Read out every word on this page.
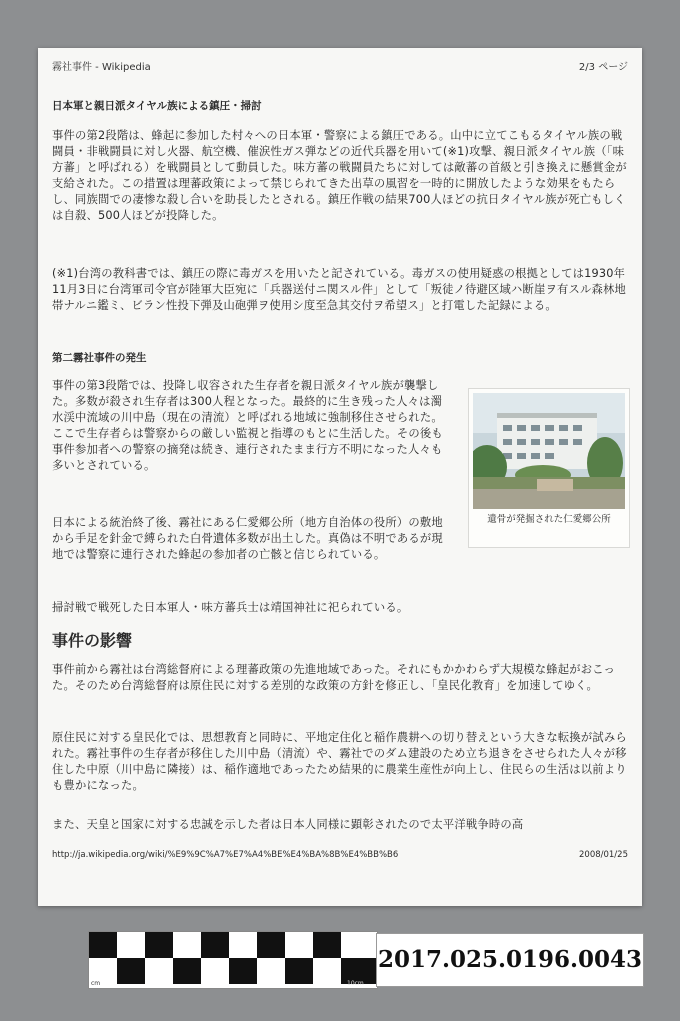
霧社事件 - Wikipedia	2/3 ページ
日本軍と親日派タイヤル族による鎮圧・掃討
事件の第2段階は、蜂起に参加した村々への日本軍・警察による鎮圧である。山中に立てこもるタイヤル族の戦闘員・非戦闘員に対し火器、航空機、催涙性ガス弾などの近代兵器を用いて(※1)攻撃、親日派タイヤル族（「味方蕃」と呼ばれる）を戦闘員として動員した。味方蕃の戦闘員たちに対しては敵蕃の首級と引き換えに懸賞金が支給された。この措置は理蕃政策によって禁じられてきた出草の風習を一時的に開放したような効果をもたらし、同族間での凄惨な殺し合いを助長したとされる。鎮圧作戦の結果700人ほどの抗日タイヤル族が死亡もしくは自殺、500人ほどが投降した。
(※1)台湾の教科書では、鎮圧の際に毒ガスを用いたと記されている。毒ガスの使用疑惑の根拠としては1930年11月3日に台湾軍司令官が陸軍大臣宛に「兵器送付ニ関スル件」として「叛徒ノ待避区域ハ断崖ヲ有スル森林地帯ナルニ鑑ミ、ビラン性投下弾及山砲弾ヲ使用シ度至急其交付ヲ希望ス」と打電した記録による。
第二霧社事件の発生
事件の第3段階では、投降し収容された生存者を親日派タイヤル族が襲撃した。多数が殺され生存者は300人程となった。最終的に生き残った人々は濁水渓中流域の川中島（現在の清流）と呼ばれる地域に強制移住させられた。ここで生存者らは警察からの厳しい監視と指導のもとに生活した。その後も事件参加者への警察の摘発は続き、連行されたまま行方不明になった人々も多いとされている。
日本による統治終了後、霧社にある仁愛郷公所（地方自治体の役所）の敷地から手足を針金で縛られた白骨遺体多数が出土した。真偽は不明であるが現地では警察に連行された蜂起の参加者の亡骸と信じられている。
掃討戦で戦死した日本軍人・味方蕃兵士は靖国神社に祀られている。
遺骨が発掘された仁愛郷公所
事件の影響
事件前から霧社は台湾総督府による理蕃政策の先進地域であった。それにもかかわらず大規模な蜂起がおこった。そのため台湾総督府は原住民に対する差別的な政策の方針を修正し、「皇民化教育」を加速してゆく。
原住民に対する皇民化では、思想教育と同時に、平地定住化と稲作農耕への切り替えという大きな転換が試みられた。霧社事件の生存者が移住した川中島（清流）や、霧社でのダム建設のため立ち退きをさせられた人々が移住した中原（川中島に隣接）は、稲作適地であったため結果的に農業生産性が向上し、住民らの生活は以前よりも豊かになった。
また、天皇と国家に対する忠誠を示した者は日本人同様に顕彰されたので太平洋戦争時の高
http://ja.wikipedia.org/wiki/%E9%9C%A7%E7%A4%BE%E4%BA%8B%E4%BB%B6	2008/01/25
cm	10cm
2017.025.0196.0043
